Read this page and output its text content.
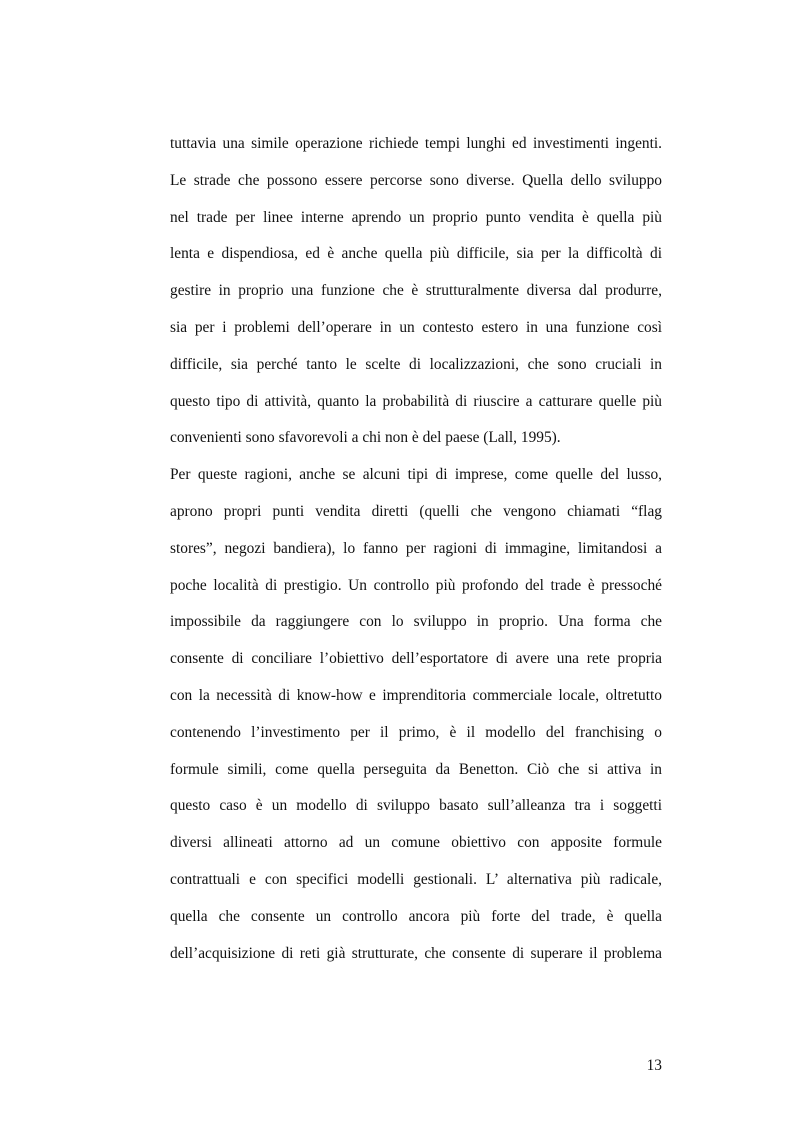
tuttavia una simile operazione richiede tempi lunghi ed investimenti ingenti.
Le strade che possono essere percorse sono diverse. Quella dello sviluppo
nel trade per linee interne aprendo un proprio punto vendita è quella più
lenta e dispendiosa, ed è anche quella più difficile, sia per la difficoltà di
gestire in proprio una funzione che è strutturalmente diversa dal produrre,
sia per i problemi dell’operare in un contesto estero in una funzione così
difficile, sia perché tanto le scelte di localizzazioni, che sono cruciali in
questo tipo di attività, quanto la probabilità di riuscire a catturare quelle più
convenienti sono sfavorevoli a chi non è del paese (Lall, 1995).
Per queste ragioni, anche se alcuni tipi di imprese, come quelle del lusso,
aprono propri punti vendita diretti (quelli che vengono chiamati “flag
stores”, negozi bandiera), lo fanno per ragioni di immagine, limitandosi a
poche località di prestigio. Un controllo più profondo del trade è pressoché
impossibile da raggiungere con lo sviluppo in proprio. Una forma che
consente di conciliare l’obiettivo dell’esportatore di avere una rete propria
con la necessità di know-how e imprenditoria commerciale locale, oltretutto
contenendo l’investimento per il primo, è il modello del franchising o
formule simili, come quella perseguita da Benetton. Ciò che si attiva in
questo caso è un modello di sviluppo basato sull’alleanza tra i soggetti
diversi allineati attorno ad un comune obiettivo con apposite formule
contrattuali e con specifici modelli gestionali. L’ alternativa più radicale,
quella che consente un controllo ancora più forte del trade, è quella
dell’acquisizione di reti già strutturate, che consente di superare il problema
13
